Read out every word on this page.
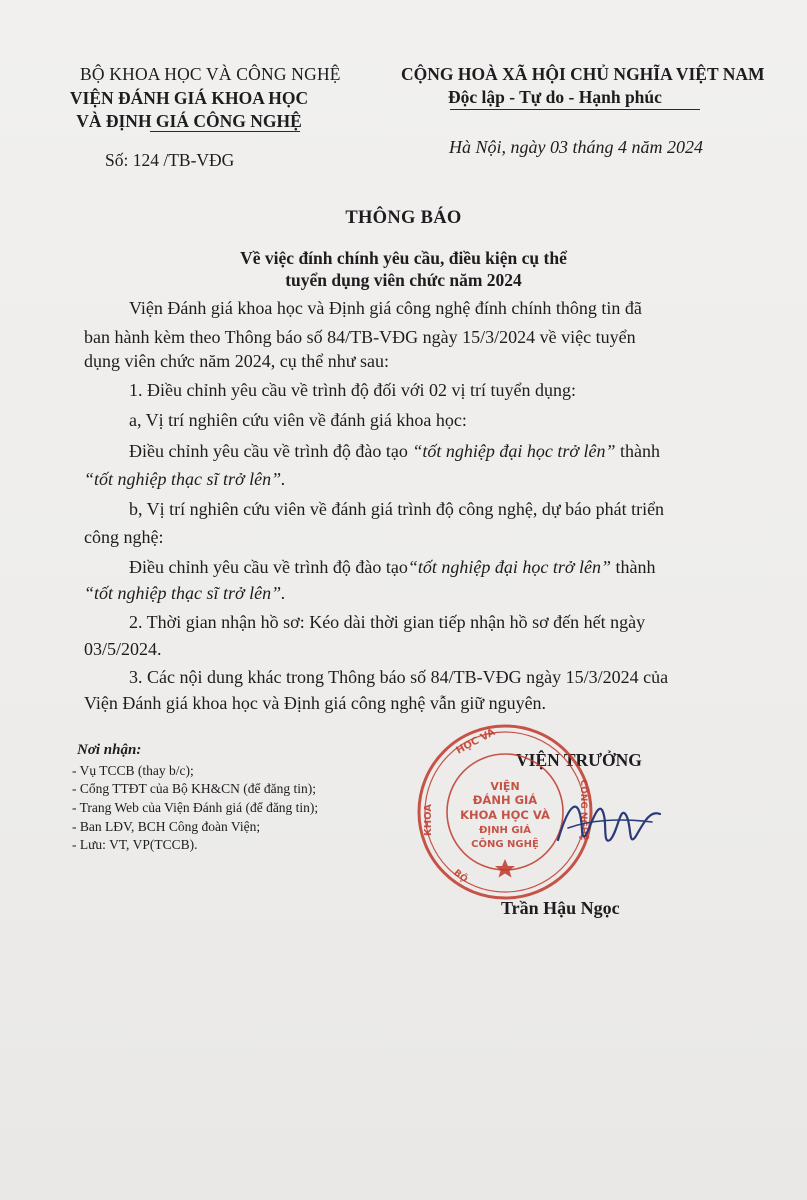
BỘ KHOA HỌC VÀ CÔNG NGHỆ
VIỆN ĐÁNH GIÁ KHOA HỌC
VÀ ĐỊNH GIÁ CÔNG NGHỆ
Số: 124 /TB-VĐG
CỘNG HOÀ XÃ HỘI CHỦ NGHĨA VIỆT NAM
Độc lập - Tự do - Hạnh phúc
Hà Nội, ngày 03 tháng 4 năm 2024
THÔNG BÁO
Về việc đính chính yêu cầu, điều kiện cụ thể
tuyển dụng viên chức năm 2024
Viện Đánh giá khoa học và Định giá công nghệ đính chính thông tin đã
ban hành kèm theo Thông báo số 84/TB-VĐG ngày 15/3/2024 về việc tuyển
dụng viên chức năm 2024, cụ thể như sau:
1. Điều chỉnh yêu cầu về trình độ đối với 02 vị trí tuyển dụng:
a, Vị trí nghiên cứu viên về đánh giá khoa học:
Điều chỉnh yêu cầu về trình độ đào tạo “tốt nghiệp đại học trở lên” thành
“tốt nghiệp thạc sĩ trở lên”.
b, Vị trí nghiên cứu viên về đánh giá trình độ công nghệ, dự báo phát triển
công nghệ:
Điều chỉnh yêu cầu về trình độ đào tạo“tốt nghiệp đại học trở lên” thành
“tốt nghiệp thạc sĩ trở lên”.
2. Thời gian nhận hồ sơ: Kéo dài thời gian tiếp nhận hồ sơ đến hết ngày
03/5/2024.
3. Các nội dung khác trong Thông báo số 84/TB-VĐG ngày 15/3/2024 của
Viện Đánh giá khoa học và Định giá công nghệ vẫn giữ nguyên.
Nơi nhận:
- Vụ TCCB (thay b/c);
- Cổng TTĐT của Bộ KH&CN (để đăng tin);
- Trang Web của Viện Đánh giá (để đăng tin);
- Ban LĐV, BCH Công đoàn Viện;
- Lưu: VT, VP(TCCB).
VIỆN TRƯỞNG
HỌC VÀ
KHOA	CÔNG NGHỆ
BỘ
VIỆN
ĐÁNH GIÁ
KHOA HỌC VÀ
ĐỊNH GIÁ
CÔNG NGHỆ
Trần Hậu Ngọc
